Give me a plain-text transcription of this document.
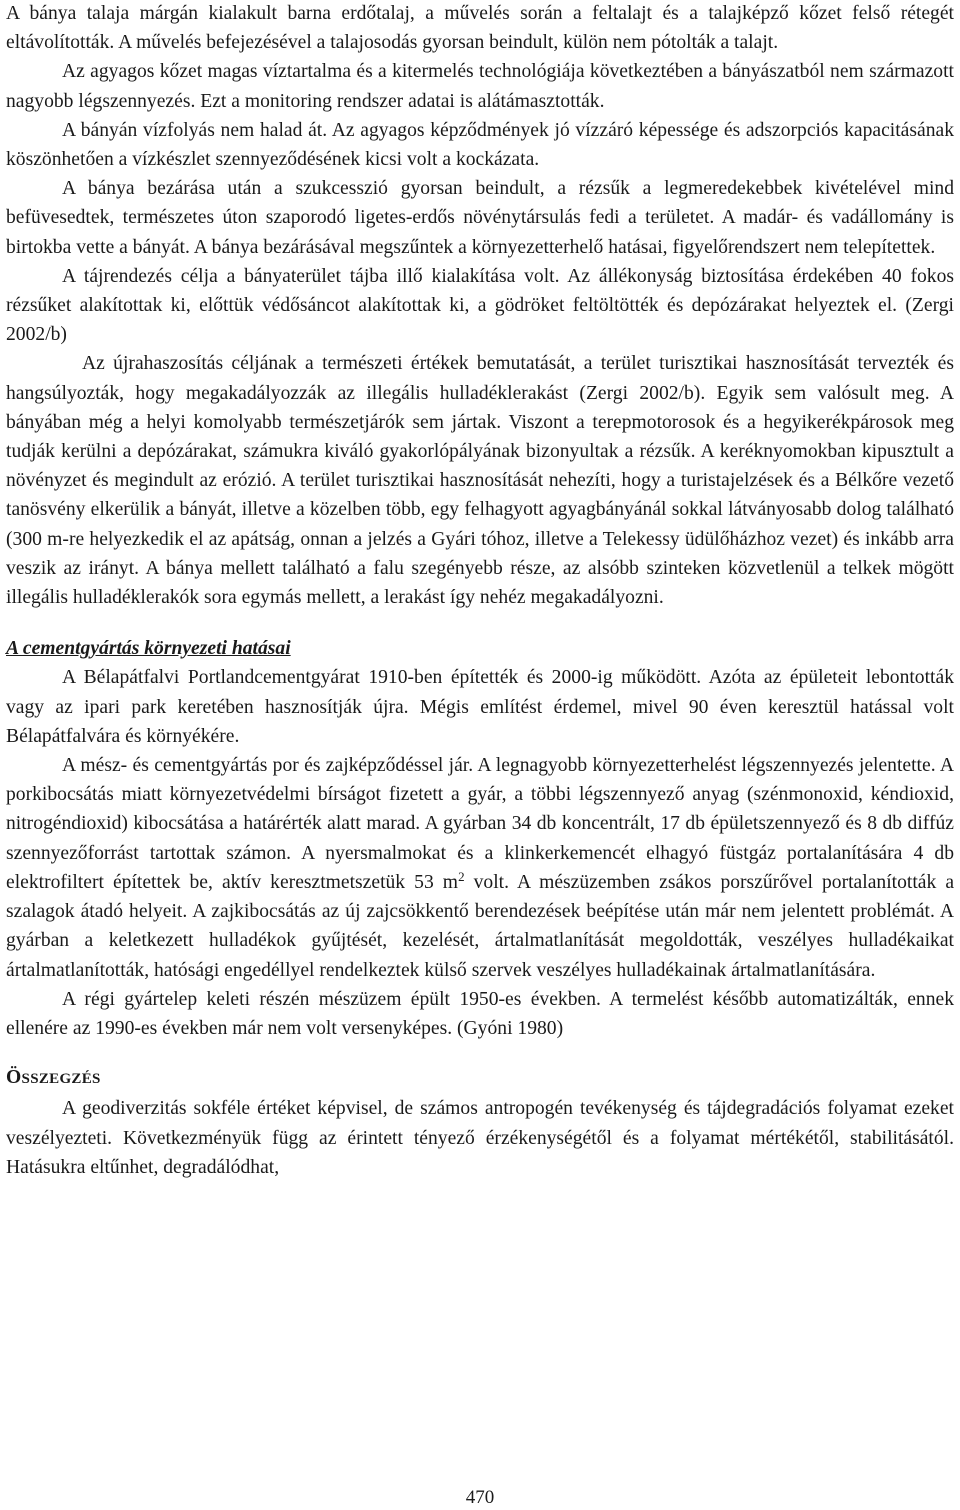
A bánya talaja márgán kialakult barna erdőtalaj, a művelés során a feltalajt és a talajképző kőzet felső rétegét eltávolították. A művelés befejezésével a talajosodás gyorsan beindult, külön nem pótolták a talajt.

Az agyagos kőzet magas víztartalma és a kitermelés technológiája következtében a bányászatból nem származott nagyobb légszennyezés. Ezt a monitoring rendszer adatai is alátámasztották.

A bányán vízfolyás nem halad át. Az agyagos képződmények jó vízzáró képessége és adszorpciós kapacitásának köszönhetően a vízkészlet szennyeződésének kicsi volt a kockázata.

A bánya bezárása után a szukcesszió gyorsan beindult, a rézsűk a legmeredekebbek kivételével mind befüvesedtek, természetes úton szaporodó ligetes-erdős növénytársulás fedi a területet. A madár- és vadállomány is birtokba vette a bányát. A bánya bezárásával megszűntek a környezetterhelő hatásai, figyelőrendszert nem telepítettek.

A tájrendezés célja a bányaterület tájba illő kialakítása volt. Az állékonyság biztosítása érdekében 40 fokos rézsűket alakítottak ki, előttük védősáncot alakítottak ki, a gödröket feltöltötték és depózárakat helyeztek el. (Zergi 2002/b)

Az újrahaszosítás céljának a természeti értékek bemutatását, a terület turisztikai hasznosítását tervezték és hangsúlyozták, hogy megakadályozzák az illegális hulladéklerakást (Zergi 2002/b). Egyik sem valósult meg. A bányában még a helyi komolyabb természetjárók sem jártak. Viszont a terepmotorosok és a hegyikerékpárosok meg tudják kerülni a depózárakat, számukra kiváló gyakorlópályának bizonyultak a rézsűk. A keréknyomokban kipusztult a növényzet és megindult az erózió. A terület turisztikai hasznosítását nehezíti, hogy a turistajelzések és a Bélkőre vezető tanösvény elkerülik a bányát, illetve a közelben több, egy felhagyott agyagbányánál sokkal látványosabb dolog található (300 m-re helyezkedik el az apátság, onnan a jelzés a Gyári tóhoz, illetve a Telekessy üdülőházhoz vezet) és inkább arra veszik az irányt. A bánya mellett található a falu szegényebb része, az alsóbb szinteken közvetlenül a telkek mögött illegális hulladéklerakók sora egymás mellett, a lerakást így nehéz megakadályozni.

A cementgyártás környezeti hatásai

A Bélapátfalvi Portlandcementgyárat 1910-ben építették és 2000-ig működött. Azóta az épületeit lebontották vagy az ipari park keretében hasznosítják újra. Mégis említést érdemel, mivel 90 éven keresztül hatással volt Bélapátfalvára és környékére.

A mész- és cementgyártás por és zajképződéssel jár. A legnagyobb környezetterhelést légszennyezés jelentette. A porkibocsátás miatt környezetvédelmi bírságot fizetett a gyár, a többi légszennyező anyag (szénmonoxid, kéndioxid, nitrogéndioxid) kibocsátása a határérték alatt marad. A gyárban 34 db koncentrált, 17 db épületszennyező és 8 db diffúz szennyezőforrást tartottak számon. A nyersmalmokat és a klinkerkemencét elhagyó füstgáz portalanítására 4 db elektrofiltert építettek be, aktív keresztmetszetük 53 $m^2$ volt. A mészüzemben zsákos porszűrővel portalanították a szalagok átadó helyeit. A zajkibocsátás az új zajcsökkentő berendezések beépítése után már nem jelentett problémát. A gyárban a keletkezett hulladékok gyűjtését, kezelését, ártalmatlanítását megoldották, veszélyes hulladékaikat ártalmatlanították, hatósági engedéllyel rendelkeztek külső szervek veszélyes hulladékainak ártalmatlanítására.

A régi gyártelep keleti részén mészüzem épült 1950-es években. A termelést később automatizálták, ennek ellenére az 1990-es években már nem volt versenyképes. (Gyóni 1980)

ÖSSZEGZÉS

A geodiverzitás sokféle értéket képvisel, de számos antropogén tevékenység és tájdegradációs folyamat ezeket veszélyezteti. Következményük függ az érintett tényező érzékenységétől és a folyamat mértékétől, stabilitásától. Hatásukra eltűnhet, degradálódhat,

470
